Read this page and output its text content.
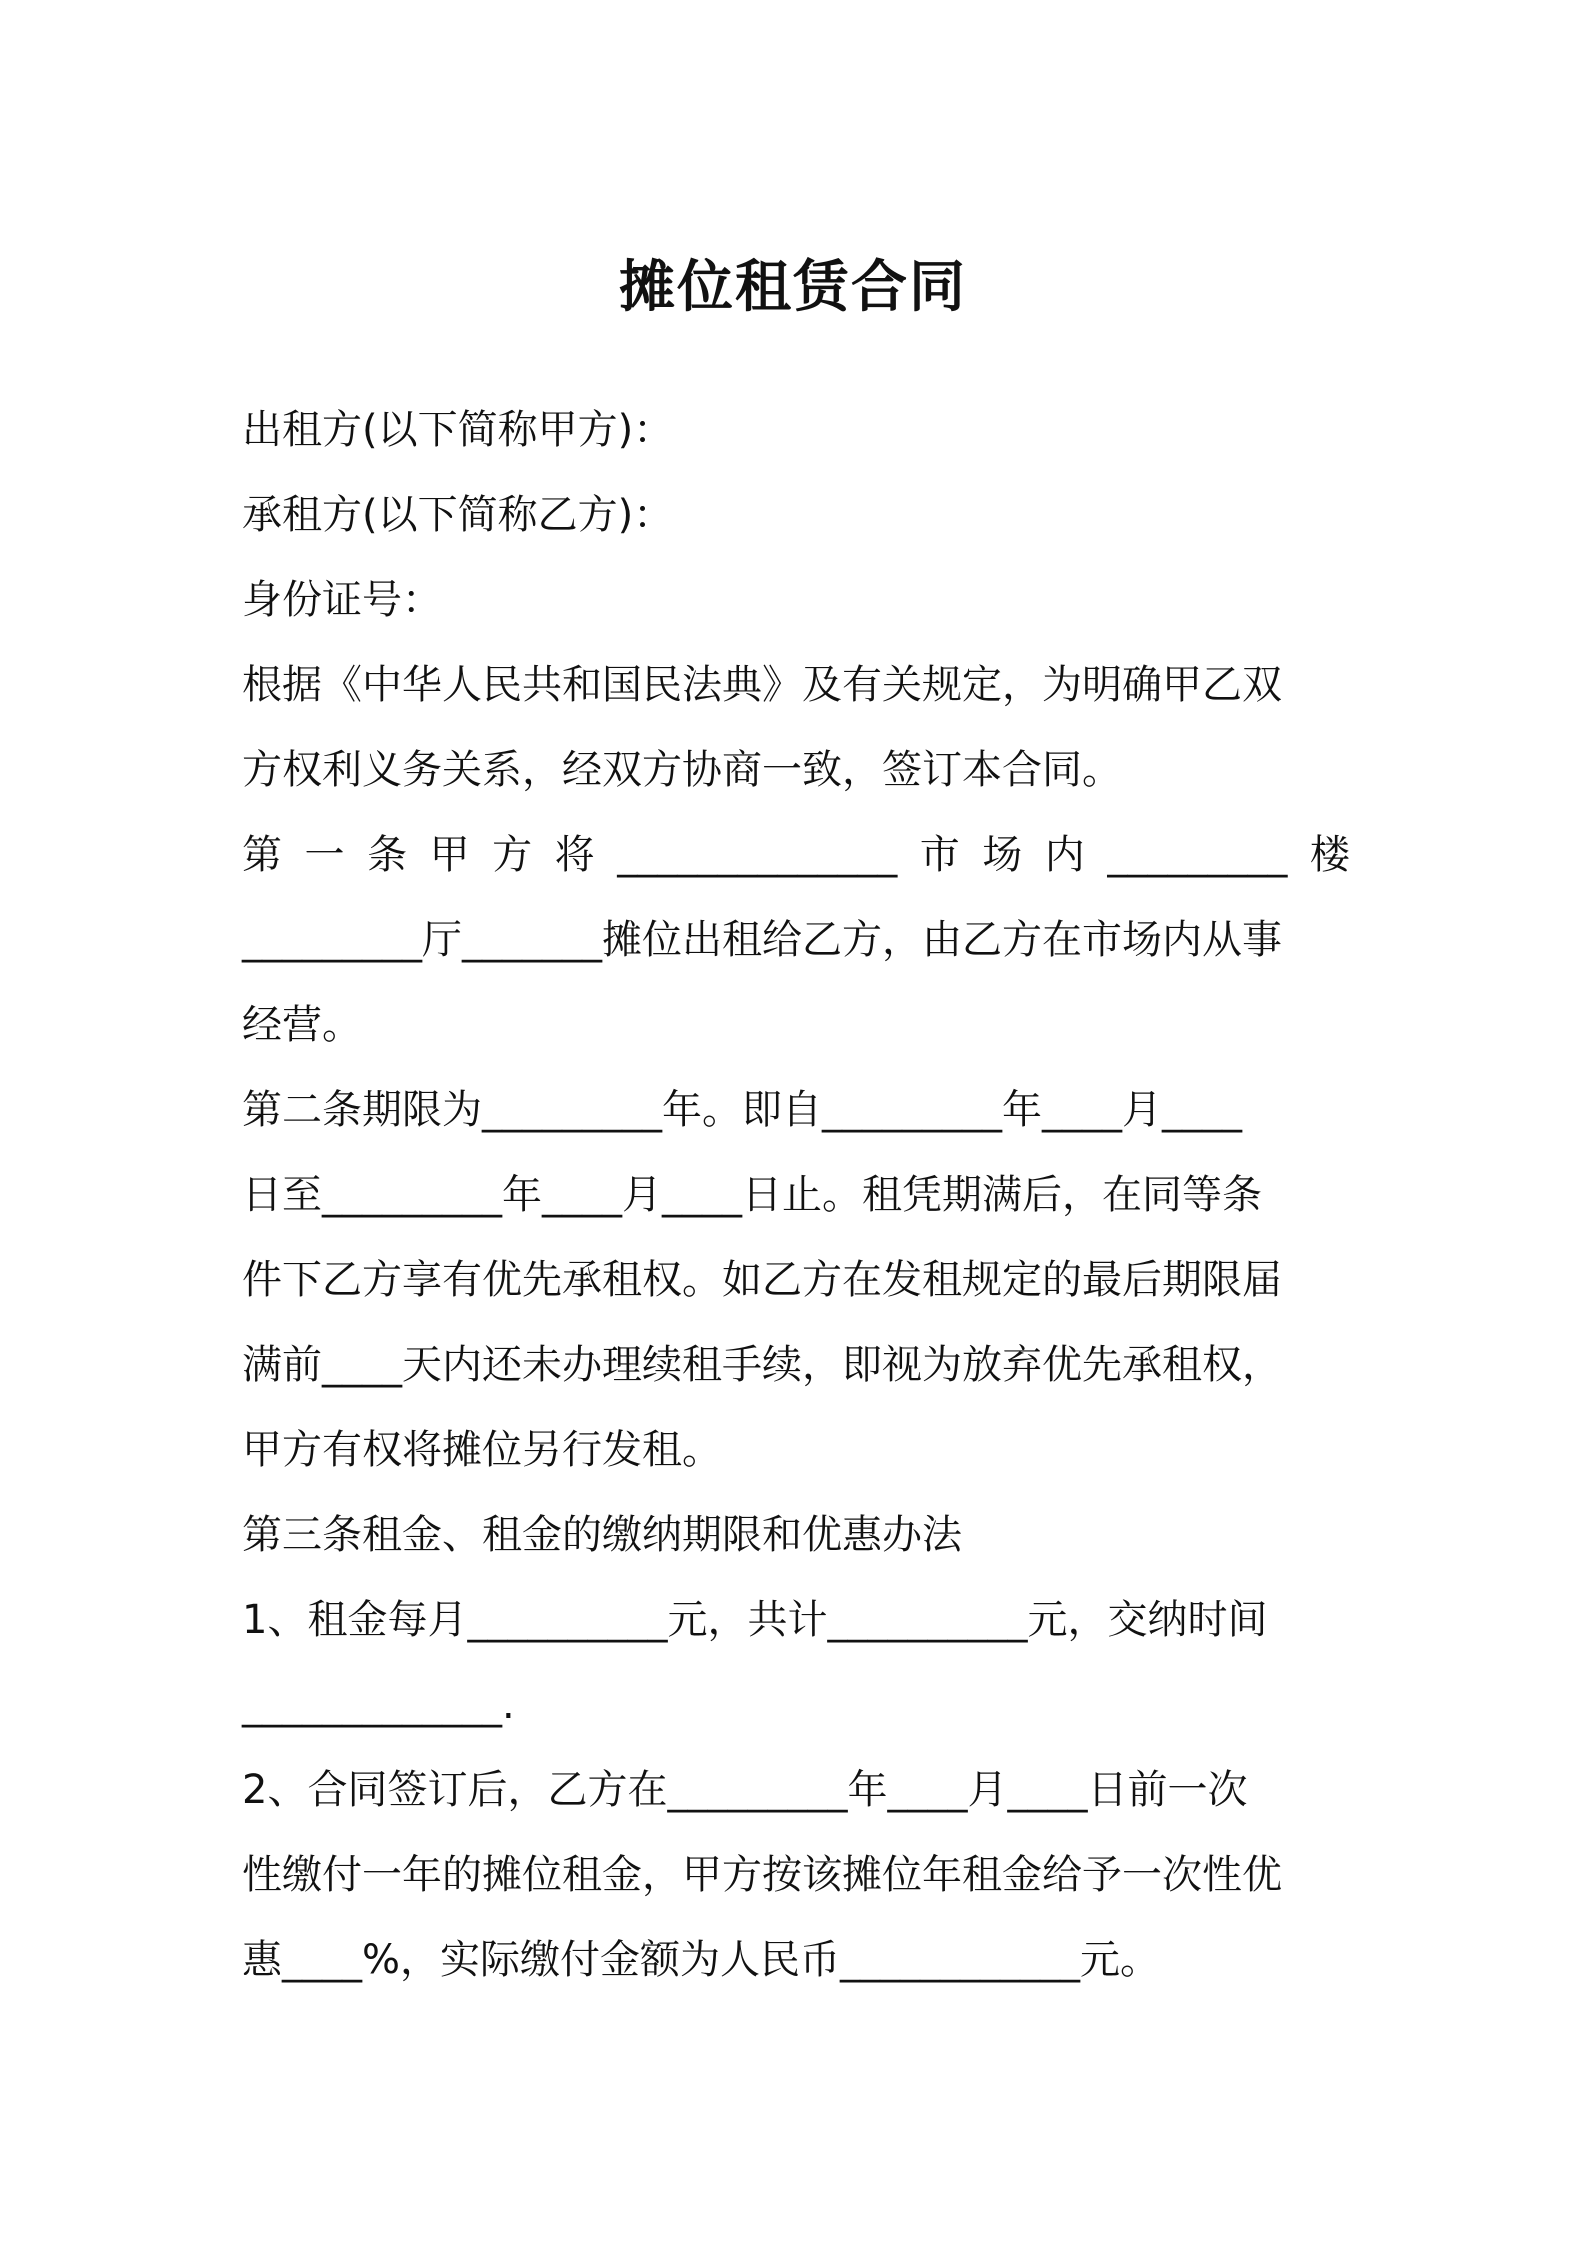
摊位租赁合同
出租方(以下简称甲方)：
承租方(以下简称乙方)：
身份证号：
根据《中华人民共和国民法典》及有关规定，为明确甲乙双
方权利义务关系，经双方协商一致，签订本合同。
第 一 条 甲 方 将 ______________ 市 场 内 _________ 楼
_________厅_______摊位出租给乙方，由乙方在市场内从事
经营。
第二条期限为_________年。即自_________年____月____
日至_________年____月____日止。租凭期满后，在同等条
件下乙方享有优先承租权。如乙方在发租规定的最后期限届
满前____天内还未办理续租手续，即视为放弃优先承租权，
甲方有权将摊位另行发租。
第三条租金、租金的缴纳期限和优惠办法
1、租金每月__________元，共计__________元，交纳时间
_____________.
2、合同签订后，乙方在_________年____月____日前一次
性缴付一年的摊位租金，甲方按该摊位年租金给予一次性优
惠____%，实际缴付金额为人民币____________元。
